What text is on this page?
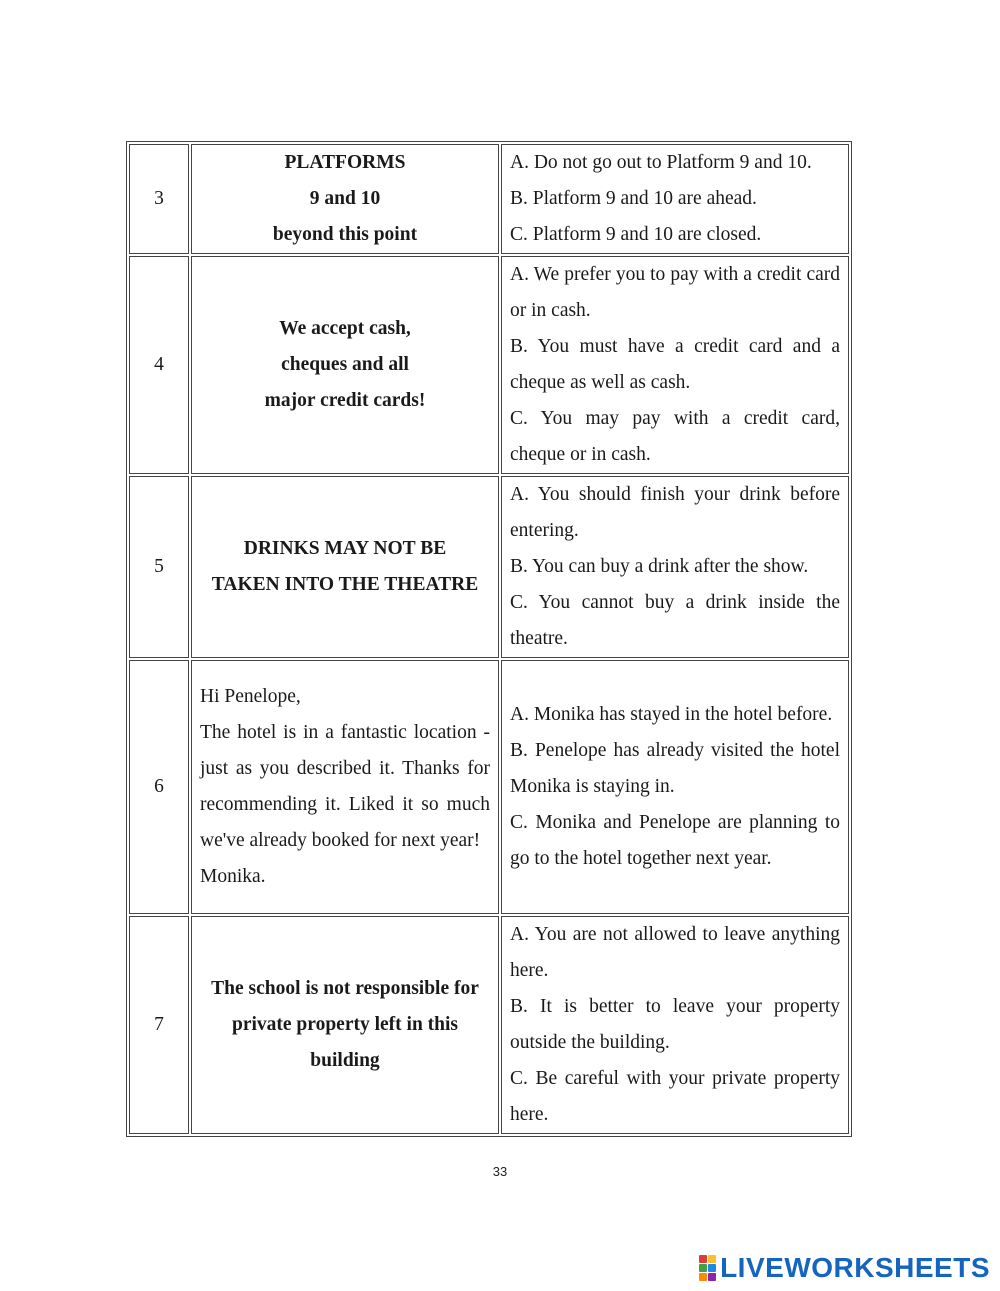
3	PLATFORMS
9 and 10
beyond this point	A. Do not go out to Platform 9 and 10.
B. Platform 9 and 10 are ahead.
C. Platform 9 and 10 are closed.

4	We accept cash,
cheques and all
major credit cards!	A. We prefer you to pay with a credit card or in cash.
B. You must have a credit card and a cheque as well as cash.
C. You may pay with a credit card, cheque or in cash.

5	DRINKS MAY NOT BE
TAKEN INTO THE THEATRE	A. You should finish your drink before entering.
B. You can buy a drink after the show.
C. You cannot buy a drink inside the theatre.

6	Hi Penelope,
The hotel is in a fantastic location - just as you described it. Thanks for recommending it. Liked it so much we've already booked for next year!
Monika.	A. Monika has stayed in the hotel before.
B. Penelope has already visited the hotel Monika is staying in.
C. Monika and Penelope are planning to go to the hotel together next year.

7	The school is not responsible for
private property left in this
building	A. You are not allowed to leave anything here.
B. It is better to leave your property outside the building.
C. Be careful with your private property here.
33
LIVEWORKSHEETS
